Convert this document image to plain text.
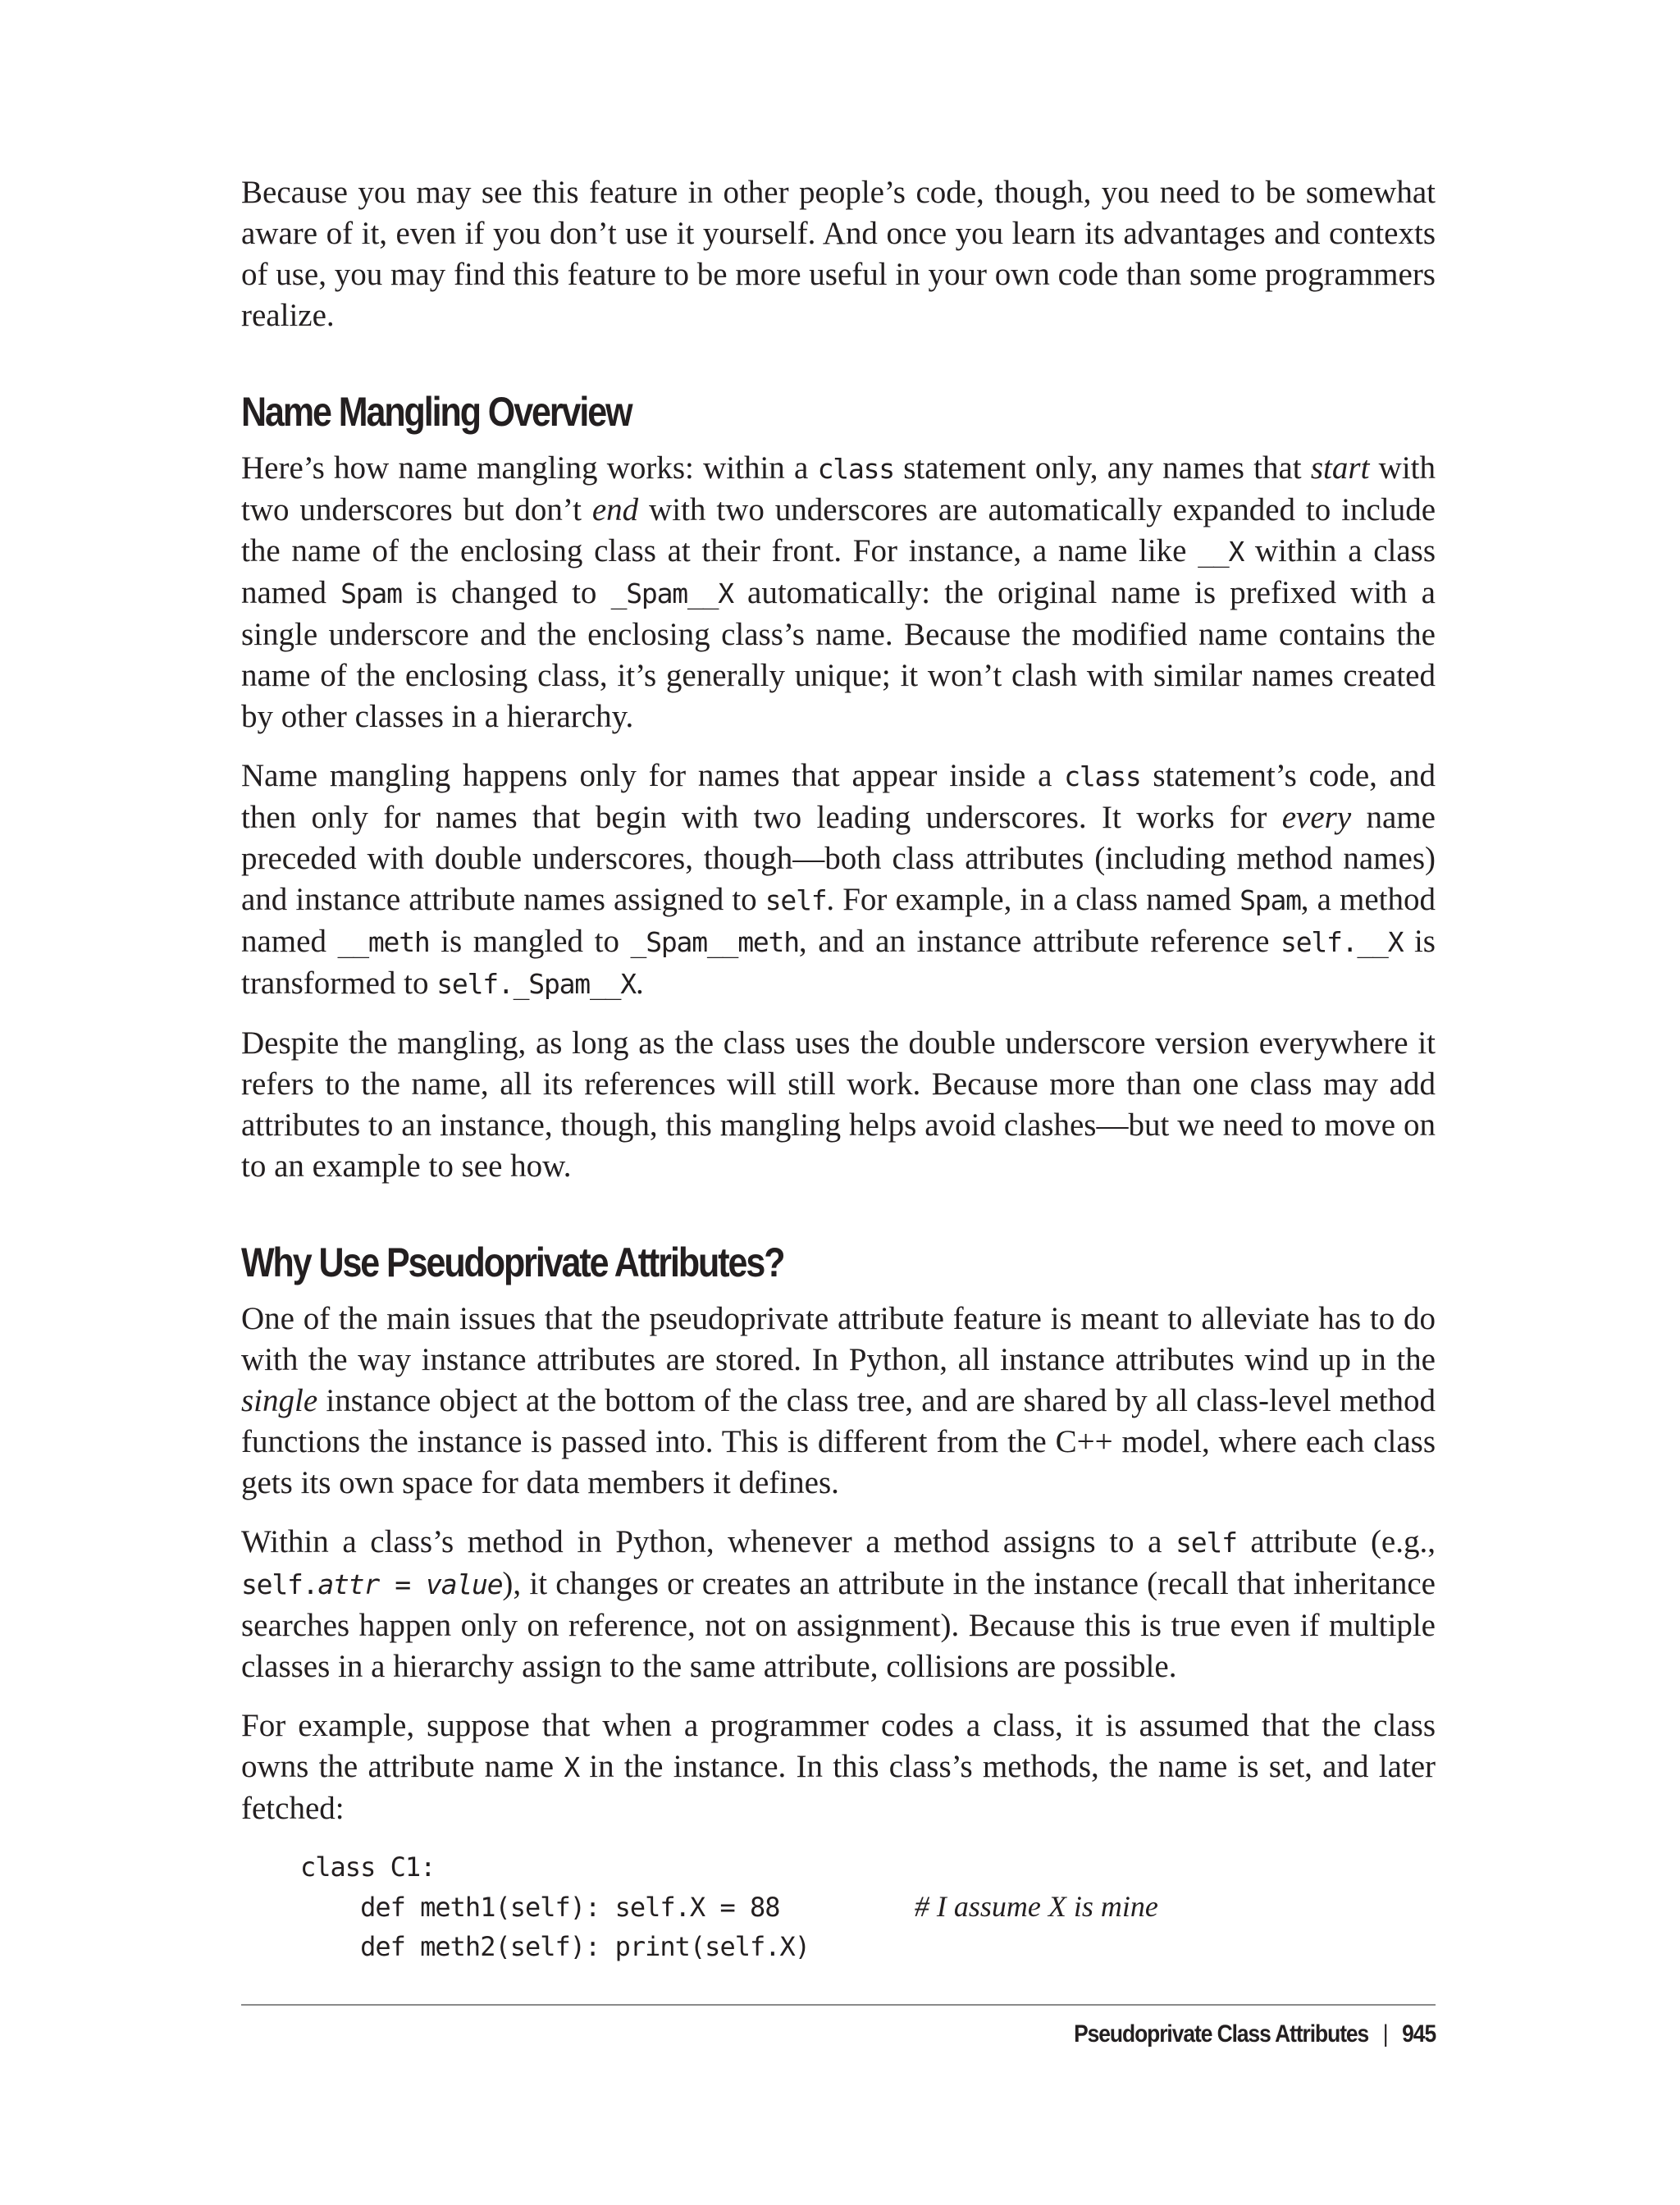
Because you may see this feature in other people’s code, though, you need to be somewhat aware of it, even if you don’t use it yourself. And once you learn its advantages and contexts of use, you may find this feature to be more useful in your own code than some programmers realize.

Name Mangling Overview

Here’s how name mangling works: within a class statement only, any names that start with two underscores but don’t end with two underscores are automatically expanded to include the name of the enclosing class at their front. For instance, a name like __X within a class named Spam is changed to _Spam__X automatically: the original name is prefixed with a single underscore and the enclosing class’s name. Because the modified name contains the name of the enclosing class, it’s generally unique; it won’t clash with similar names created by other classes in a hierarchy.

Name mangling happens only for names that appear inside a class statement’s code, and then only for names that begin with two leading underscores. It works for every name preceded with double underscores, though—both class attributes (including method names) and instance attribute names assigned to self. For example, in a class named Spam, a method named __meth is mangled to _Spam__meth, and an instance attribute reference self.__X is transformed to self._Spam__X.

Despite the mangling, as long as the class uses the double underscore version everywhere it refers to the name, all its references will still work. Because more than one class may add attributes to an instance, though, this mangling helps avoid clashes—but we need to move on to an example to see how.

Why Use Pseudoprivate Attributes?

One of the main issues that the pseudoprivate attribute feature is meant to alleviate has to do with the way instance attributes are stored. In Python, all instance attributes wind up in the single instance object at the bottom of the class tree, and are shared by all class-level method functions the instance is passed into. This is different from the C++ model, where each class gets its own space for data members it defines.

Within a class’s method in Python, whenever a method assigns to a self attribute (e.g., self.attr = value), it changes or creates an attribute in the instance (recall that inheritance searches happen only on reference, not on assignment). Because this is true even if multiple classes in a hierarchy assign to the same attribute, collisions are possible.

For example, suppose that when a programmer codes a class, it is assumed that the class owns the attribute name X in the instance. In this class’s methods, the name is set, and later fetched:

class C1:
def meth1(self): self.X = 88	# I assume X is mine
def meth2(self): print(self.X)
Pseudoprivate Class Attributes | 945
